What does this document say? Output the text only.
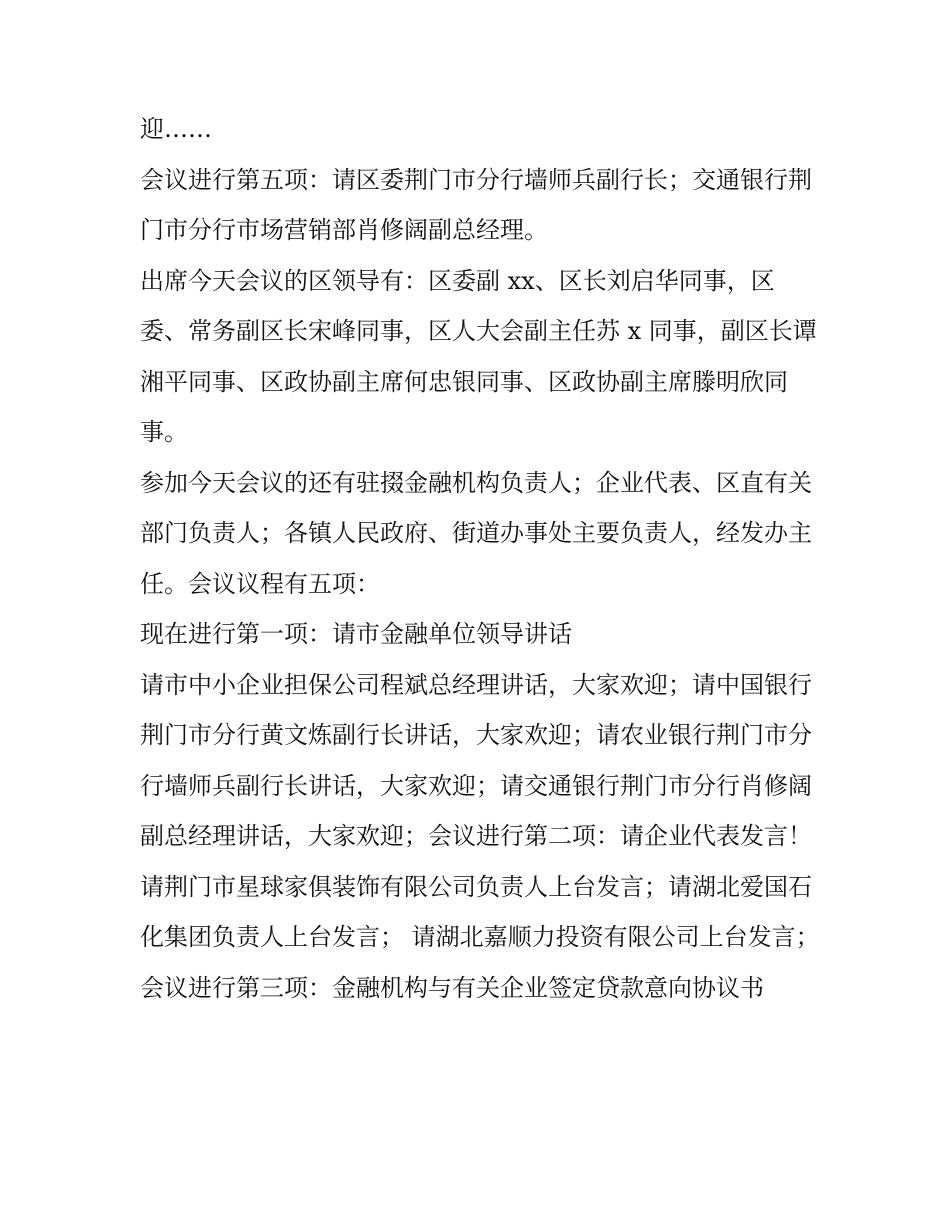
迎……

会议进行第五项：请区委荆门市分行墙师兵副行长；交通银行荆门市分行市场营销部肖修阔副总经理。

出席今天会议的区领导有：区委副 xx、区长刘启华同事，区委、常务副区长宋峰同事，区人大会副主任苏 x 同事，副区长谭湘平同事、区政协副主席何忠银同事、区政协副主席滕明欣同事。

参加今天会议的还有驻掇金融机构负责人；企业代表、区直有关部门负责人；各镇人民政府、街道办事处主要负责人，经发办主任。会议议程有五项：

现在进行第一项：请市金融单位领导讲话

请市中小企业担保公司程斌总经理讲话，大家欢迎；请中国银行荆门市分行黄文炼副行长讲话，大家欢迎；请农业银行荆门市分行墙师兵副行长讲话，大家欢迎；请交通银行荆门市分行肖修阔副总经理讲话，大家欢迎；会议进行第二项：请企业代表发言！

请荆门市星球家俱装饰有限公司负责人上台发言；请湖北爱国石化集团负责人上台发言； 请湖北嘉顺力投资有限公司上台发言；

会议进行第三项：金融机构与有关企业签定贷款意向协议书
